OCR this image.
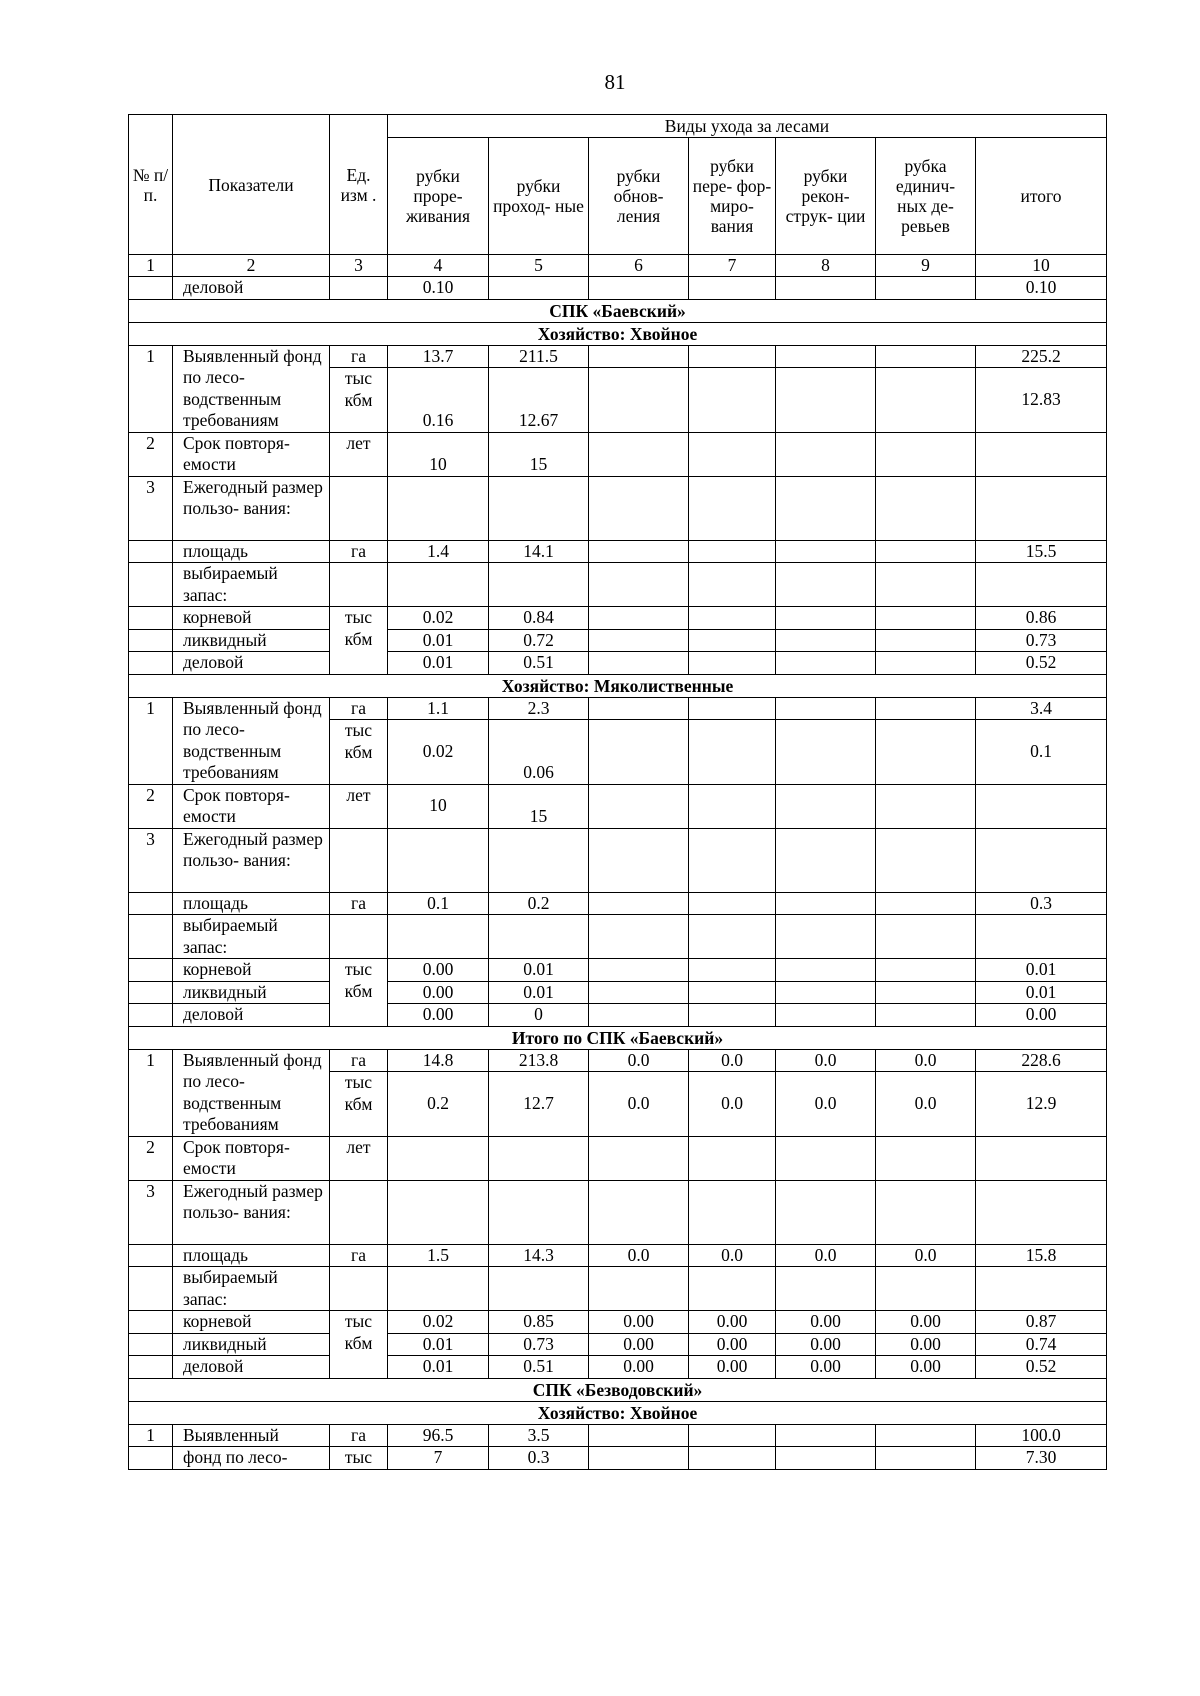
81
№ п/ п.	Показатели	Ед. изм .	Виды ухода за лесами						
			рубки проре- живания	рубки проход- ные	рубки обнов- ления	рубки пере- фор- миро- вания	рубки рекон- струк- ции	рубка единич- ных де- ревьев	итого
1	2	3	4	5	6	7	8	9	10
	деловой		0.10						0.10
СПК «Баевский»									
Хозяйство: Хвойное									
1	Выявленный фонд по лесо- водственным требованиям	га	13.7	211.5					225.2
		тыс кбм	0.16	12.67					12.83
2	Срок повторя- емости	лет	10	15					
3	Ежегодный размер пользо- вания:								
	площадь	га	1.4	14.1					15.5
	выбираемый запас:								
	корневой	тыс кбм	0.02	0.84					0.86
	ликвидный		0.01	0.72					0.73
	деловой		0.01	0.51					0.52
Хозяйство: Мяколиственные									
1	Выявленный фонд по лесо- водственным требованиям	га	1.1	2.3					3.4
		тыс кбм	0.02	0.06					0.1
2	Срок повторя- емости	лет	10	15					
3	Ежегодный размер пользо- вания:								
	площадь	га	0.1	0.2					0.3
	выбираемый запас:								
	корневой	тыс кбм	0.00	0.01					0.01
	ликвидный		0.00	0.01					0.01
	деловой		0.00	0					0.00
Итого по СПК «Баевский»									
1	Выявленный фонд по лесо- водственным требованиям	га	14.8	213.8	0.0	0.0	0.0	0.0	228.6
		тыс кбм	0.2	12.7	0.0	0.0	0.0	0.0	12.9
2	Срок повторя- емости	лет							
3	Ежегодный размер пользо- вания:								
	площадь	га	1.5	14.3	0.0	0.0	0.0	0.0	15.8
	выбираемый запас:								
	корневой	тыс кбм	0.02	0.85	0.00	0.00	0.00	0.00	0.87
	ликвидный		0.01	0.73	0.00	0.00	0.00	0.00	0.74
	деловой		0.01	0.51	0.00	0.00	0.00	0.00	0.52
СПК «Безводовский»									
Хозяйство: Хвойное									
1	Выявленный	га	96.5	3.5					100.0
	фонд по лесо-	тыс	7	0.3					7.30
